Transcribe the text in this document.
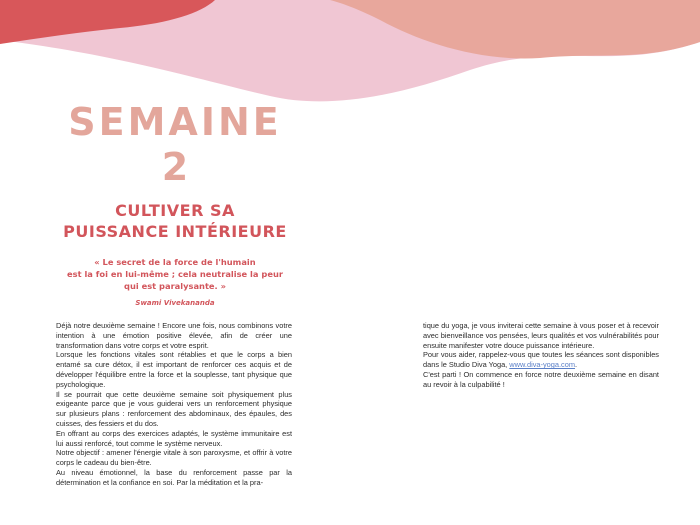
SEMAINE
2
CULTIVER SA
PUISSANCE INTÉRIEURE
« Le secret de la force de l'humain
est la foi en lui-même ; cela neutralise la peur
qui est paralysante. »
Swami Vivekananda

Déjà notre deuxième semaine ! Encore une fois, nous combinons votre intention à une émotion positive élevée, afin de créer une transformation dans votre corps et votre esprit.

Lorsque les fonctions vitales sont rétablies et que le corps a bien entamé sa cure détox, il est important de renforcer ces acquis et de développer l'équilibre entre la force et la souplesse, tant physique que psychologique.

Il se pourrait que cette deuxième semaine soit physiquement plus exigeante parce que je vous guiderai vers un renforcement physique sur plusieurs plans : renforcement des abdominaux, des épaules, des cuisses, des fessiers et du dos.

En offrant au corps des exercices adaptés, le système immunitaire est lui aussi renforcé, tout comme le système nerveux.

Notre objectif : amener l'énergie vitale à son paroxysme, et offrir à votre corps le cadeau du bien-être.

Au niveau émotionnel, la base du renforcement passe par la détermination et la confiance en soi. Par la méditation et la pra-

tique du yoga, je vous inviterai cette semaine à vous poser et à recevoir avec bienveillance vos pensées, leurs qualités et vos vulnérabilités pour ensuite manifester votre douce puissance intérieure.

Pour vous aider, rappelez-vous que toutes les séances sont disponibles dans le Studio Diva Yoga, www.diva-yoga.com.

C'est parti ! On commence en force notre deuxième semaine en disant au revoir à la culpabilité !
